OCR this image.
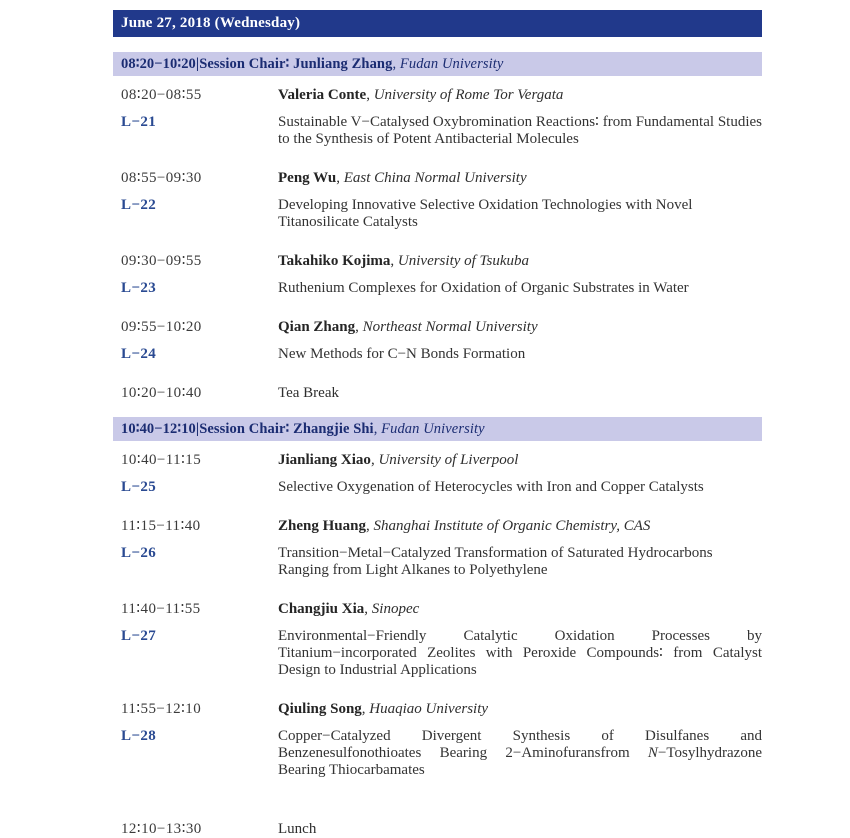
June 27, 2018 (Wednesday)
08∶20−10∶20|Session Chair∶ Junliang Zhang, Fudan University
08∶20−08∶55	Valeria Conte, University of Rome Tor Vergata
L−21	Sustainable V−Catalysed Oxybromination Reactions∶ from Fundamental Studies to the Synthesis of Potent Antibacterial Molecules
08∶55−09∶30	Peng Wu, East China Normal University
L−22	Developing Innovative Selective Oxidation Technologies with Novel
Titanosilicate Catalysts
09∶30−09∶55	Takahiko Kojima, University of Tsukuba
L−23	Ruthenium Complexes for Oxidation of Organic Substrates in Water
09∶55−10∶20	Qian Zhang, Northeast Normal University
L−24	New Methods for C−N Bonds Formation
10∶20−10∶40	Tea Break
10∶40−12∶10|Session Chair∶ Zhangjie Shi, Fudan University
10∶40−11∶15	Jianliang Xiao, University of Liverpool
L−25	Selective Oxygenation of Heterocycles with Iron and Copper Catalysts
11∶15−11∶40	Zheng Huang, Shanghai Institute of Organic Chemistry, CAS
L−26	Transition−Metal−Catalyzed Transformation of Saturated Hydrocarbons
Ranging from Light Alkanes to Polyethylene
11∶40−11∶55	Changjiu Xia, Sinopec
L−27	Environmental−Friendly Catalytic Oxidation Processes by Titanium−incorporated Zeolites with Peroxide Compounds∶ from Catalyst Design to Industrial Applications
11∶55−12∶10	Qiuling Song, Huaqiao University
L−28	Copper−Catalyzed Divergent Synthesis of Disulfanes and Benzenesulfonothioates Bearing 2−Aminofuransfrom N−Tosylhydrazone Bearing Thiocarbamates
12∶10−13∶30	Lunch
